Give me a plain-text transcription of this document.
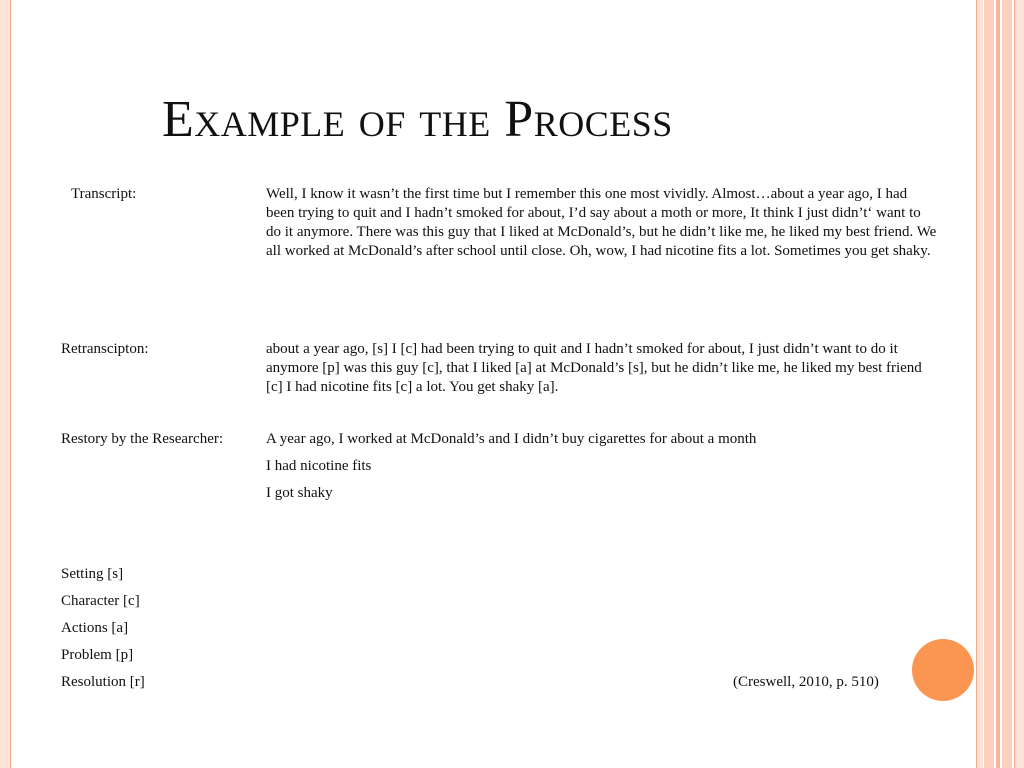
Example of the Process
Transcript:	Well, I know it wasn’t the first time but I remember this one most vividly. Almost…about a year ago, I had been trying to quit and I hadn’t smoked for about, I’d say about a moth or more, It think I just didn’t‘ want to do it anymore. There was this guy that I liked at McDonald’s, but he didn’t like me, he liked my best friend. We all worked at McDonald’s after school until close. Oh, wow, I had nicotine fits a lot. Sometimes you get shaky.
Retranscipton:	about a year ago, [s] I [c] had been trying to quit and I hadn’t smoked for about, I just didn’t want to do it anymore [p] was this guy [c], that I liked [a] at McDonald’s [s], but he didn’t like me, he liked my best friend [c] I had nicotine fits [c] a lot. You get shaky [a].
Restory by the Researcher:	A year ago, I worked at McDonald’s and I didn’t buy cigarettes for about a month
I had nicotine fits
I got shaky
Setting [s]
Character [c]
Actions [a]
Problem [p]
Resolution [r]	(Creswell, 2010, p. 510)
